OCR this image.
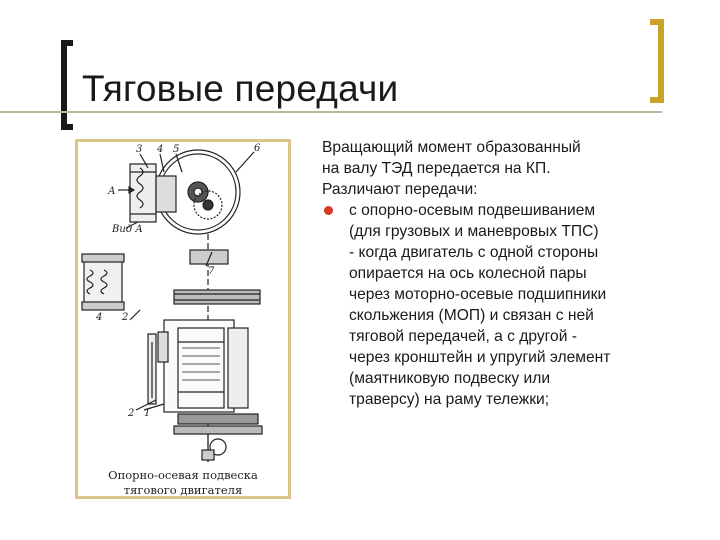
Тяговые передачи
3 4 5	6
А
Вид А
2
4
7
2 1
Опорно-осевая подвеска
тягового двигателя

Вращающий момент образованный

на валу ТЭД передается на КП.

Различают передачи:

с опорно-осевым подвешиванием

(для грузовых и маневровых ТПС)

- когда двигатель с одной стороны

опирается на ось колесной пары

через моторно-осевые подшипники

скольжения (МОП) и связан с ней

тяговой передачей, а с другой -

через кронштейн и упругий элемент

(маятниковую подвеску или

траверсу) на раму тележки;
